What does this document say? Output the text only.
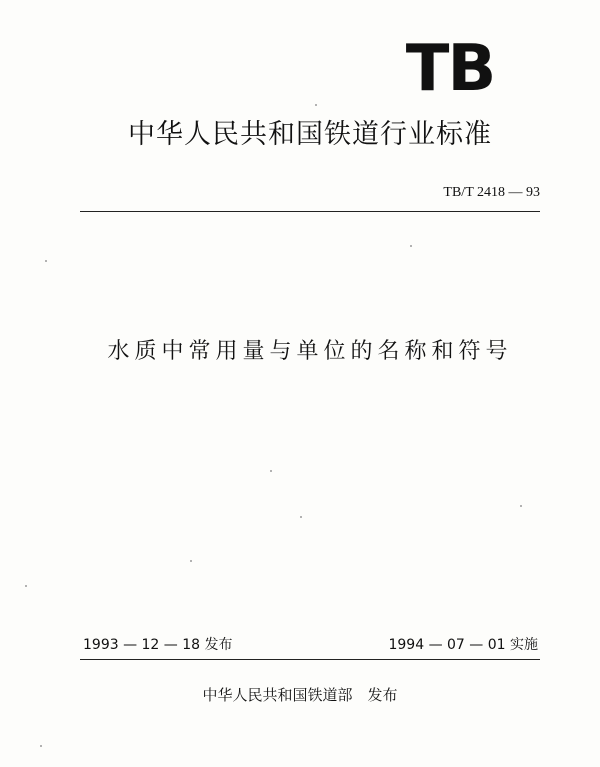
TB
中华人民共和国铁道行业标准
TB/T 2418 — 93
水质中常用量与单位的名称和符号
1993 — 12 — 18 发布	1994 — 07 — 01 实施
中华人民共和国铁道部　发布
